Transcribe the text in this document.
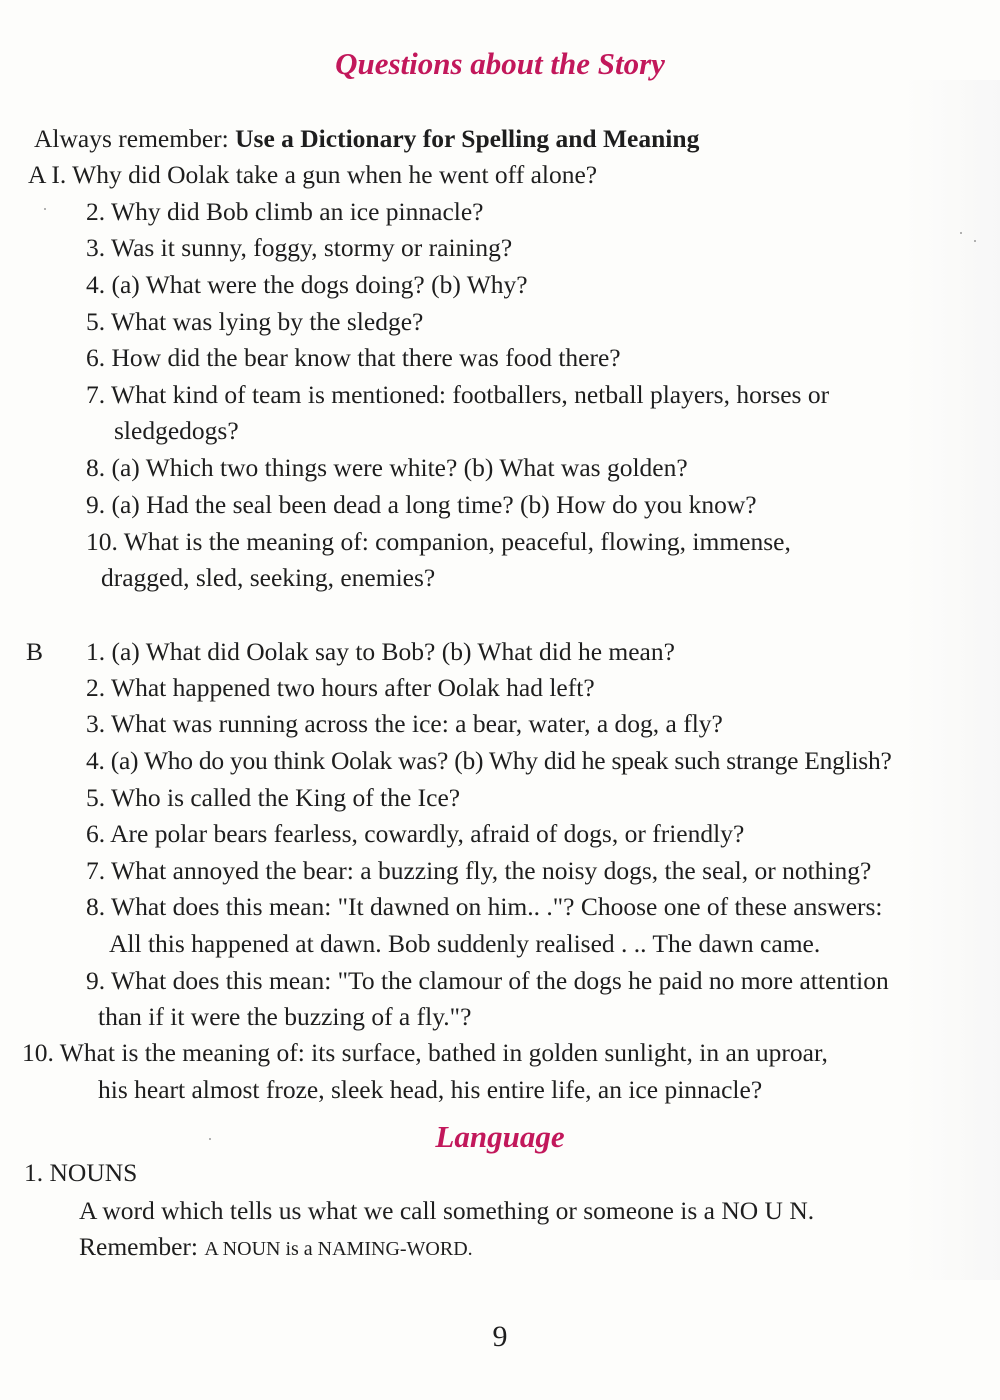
Questions about the Story
Always remember: Use a Dictionary for Spelling and Meaning
A I. Why did Oolak take a gun when he went off alone?
2. Why did Bob climb an ice pinnacle?
3. Was it sunny, foggy, stormy or raining?
4. (a) What were the dogs doing? (b) Why?
5. What was lying by the sledge?
6. How did the bear know that there was food there?
7. What kind of team is mentioned: footballers, netball players, horses or
sledgedogs?
8. (a) Which two things were white? (b) What was golden?
9. (a) Had the seal been dead a long time? (b) How do you know?
10. What is the meaning of: companion, peaceful, flowing, immense,
dragged, sled, seeking, enemies?
B 1. (a) What did Oolak say to Bob? (b) What did he mean?
2. What happened two hours after Oolak had left?
3. What was running across the ice: a bear, water, a dog, a fly?
4. (a) Who do you think Oolak was? (b) Why did he speak such strange English?
5. Who is called the King of the Ice?
6. Are polar bears fearless, cowardly, afraid of dogs, or friendly?
7. What annoyed the bear: a buzzing fly, the noisy dogs, the seal, or nothing?
8. What does this mean: "It dawned on him.. ."? Choose one of these answers:
All this happened at dawn. Bob suddenly realised . .. The dawn came.
9. What does this mean: "To the clamour of the dogs he paid no more attention
than if it were the buzzing of a fly."?
10. What is the meaning of: its surface, bathed in golden sunlight, in an uproar,
his heart almost froze, sleek head, his entire life, an ice pinnacle?
Language
1. NOUNS
A word which tells us what we call something or someone is a NO U N.
Remember: A NOUN is a NAMING-WORD.
9
